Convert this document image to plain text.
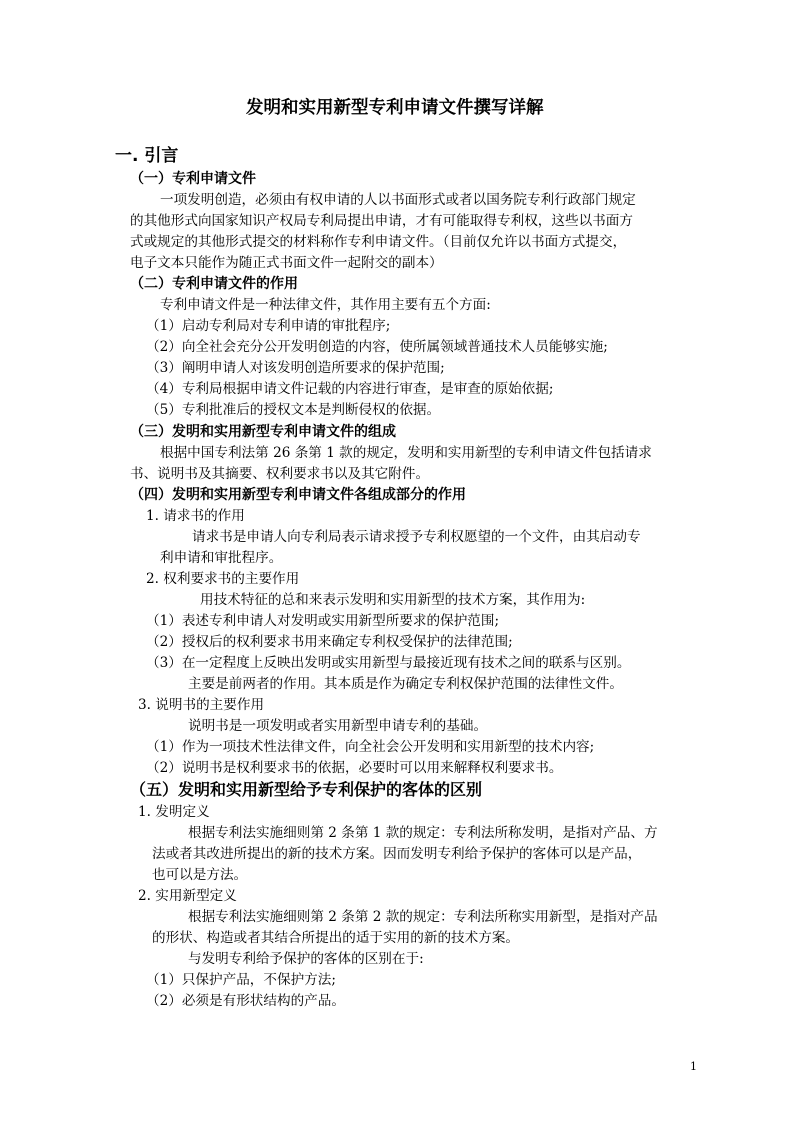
发明和实用新型专利申请文件撰写详解
一. 引言
（一）专利申请文件
一项发明创造，必须由有权申请的人以书面形式或者以国务院专利行政部门规定
的其他形式向国家知识产权局专利局提出申请，才有可能取得专利权，这些以书面方
式或规定的其他形式提交的材料称作专利申请文件。（目前仅允许以书面方式提交，
电子文本只能作为随正式书面文件一起附交的副本）
（二）专利申请文件的作用
专利申请文件是一种法律文件，其作用主要有五个方面:
（1）启动专利局对专利申请的审批程序;
（2）向全社会充分公开发明创造的内容，使所属领域普通技术人员能够实施;
（3）阐明申请人对该发明创造所要求的保护范围;
（4）专利局根据申请文件记载的内容进行审查，是审查的原始依据;
（5）专利批准后的授权文本是判断侵权的依据。
（三）发明和实用新型专利申请文件的组成
根据中国专利法第 26 条第 1 款的规定，发明和实用新型的专利申请文件包括请求
书、说明书及其摘要、权利要求书以及其它附件。
（四）发明和实用新型专利申请文件各组成部分的作用
1. 请求书的作用
请求书是申请人向专利局表示请求授予专利权愿望的一个文件，由其启动专
利申请和审批程序。
2. 权利要求书的主要作用
用技术特征的总和来表示发明和实用新型的技术方案，其作用为:
（1）表述专利申请人对发明或实用新型所要求的保护范围;
（2）授权后的权利要求书用来确定专利权受保护的法律范围;
（3）在一定程度上反映出发明或实用新型与最接近现有技术之间的联系与区别。
主要是前两者的作用。其本质是作为确定专利权保护范围的法律性文件。
3. 说明书的主要作用
说明书是一项发明或者实用新型申请专利的基础。
（1）作为一项技术性法律文件，向全社会公开发明和实用新型的技术内容;
（2）说明书是权利要求书的依据，必要时可以用来解释权利要求书。
（五）发明和实用新型给予专利保护的客体的区别
1. 发明定义
根据专利法实施细则第 2 条第 1 款的规定：专利法所称发明，是指对产品、方
法或者其改进所提出的新的技术方案。因而发明专利给予保护的客体可以是产品，
也可以是方法。
2. 实用新型定义
根据专利法实施细则第 2 条第 2 款的规定：专利法所称实用新型，是指对产品
的形状、构造或者其结合所提出的适于实用的新的技术方案。
与发明专利给予保护的客体的区别在于:
（1）只保护产品，不保护方法;
（2）必须是有形状结构的产品。
1
